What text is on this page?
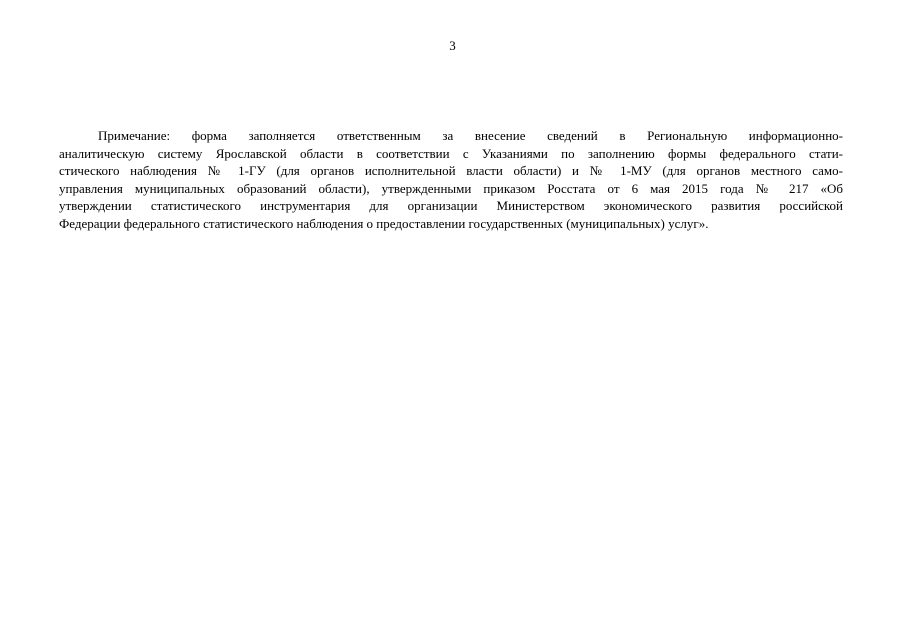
3
Примечание: форма заполняется ответственным за внесение сведений в Региональную информационно-
аналитическую систему Ярославской области в соответствии с Указаниями по заполнению формы федерального стати-
стического наблюдения № 1-ГУ (для органов исполнительной власти области) и № 1-МУ (для органов местного само-
управления муниципальных образований области), утвержденными приказом Росстата от 6 мая 2015 года № 217 «Об
утверждении статистического инструментария для организации Министерством экономического развития российской
Федерации федерального статистического наблюдения о предоставлении государственных (муниципальных) услуг».
